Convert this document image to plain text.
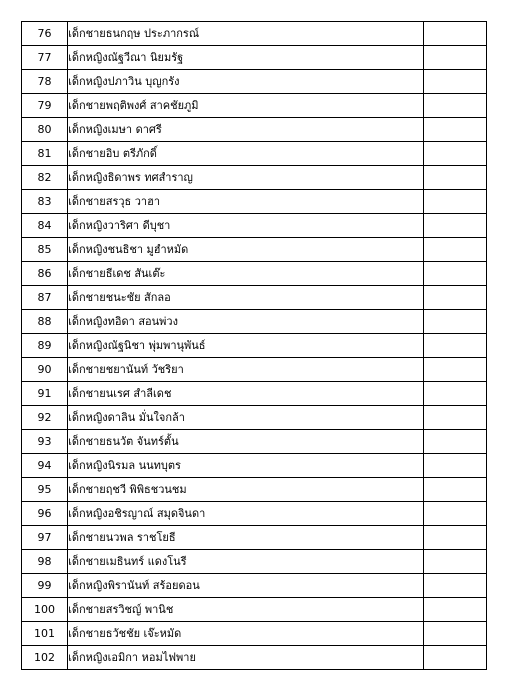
76	เด็กชายธนกฤษ ประภากรณ์	
77	เด็กหญิงณัฐวีณา นิยมรัฐ	
78	เด็กหญิงปภาวิน บุญกรัง	
79	เด็กชายพฤติพงศ์ สาคชัยภูมิ	
80	เด็กหญิงเมษา ดาศรี	
81	เด็กชายอิบ ตรีภักดิ์	
82	เด็กหญิงธิดาพร ทศสำราญ	
83	เด็กชายสรวุธ วาฮา	
84	เด็กหญิงวาริศา ดีบุชา	
85	เด็กหญิงชนธิชา มูฮำหมัด	
86	เด็กชายธีเดช สันเต๊ะ	
87	เด็กชายชนะชัย สักลอ	
88	เด็กหญิงทอิดา สอนพ่วง	
89	เด็กหญิงณัฐนิชา พุ่มพานุพันธ์	
90	เด็กชายชยานันท์ วัชริยา	
91	เด็กชายนเรศ สำลีเดช	
92	เด็กหญิงดาลิน มั่นใจกล้า	
93	เด็กชายธนวัต จันทร์ตั้น	
94	เด็กหญิงนิรมล นนทบุตร	
95	เด็กชายฤชวี พิพิธชวนชม	
96	เด็กหญิงอชิรญาณ์ สมุดจินดา	
97	เด็กชายนวพล ราชโยธี	
98	เด็กชายเมธินทร์ แดงโนรี	
99	เด็กหญิงพิรานันท์ สร้อยดอน	
100	เด็กชายสรวิชญ์ พานิช	
101	เด็กชายธวัชชัย เจ๊ะหมัด	
102	เด็กหญิงเอมิกา หอมไฟพาย	
